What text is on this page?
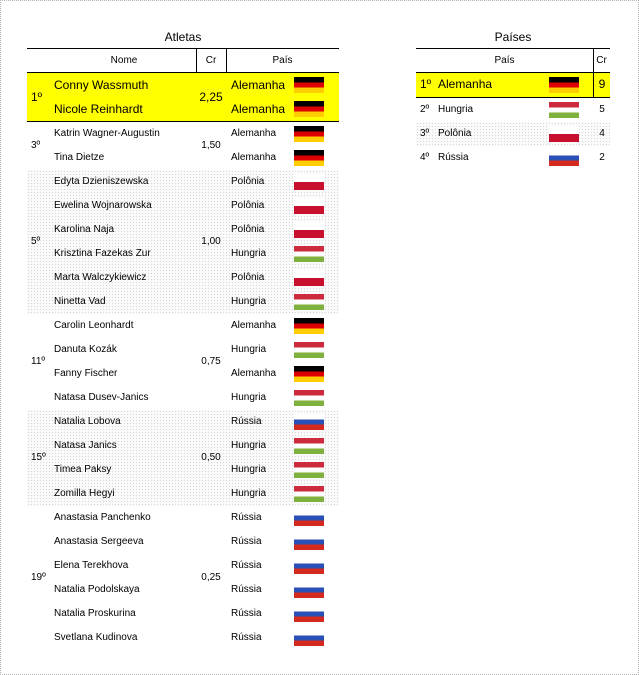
Atletas	Países
Nome	Cr	País
1º	2,25
Conny Wassmuth	Alemanha
Nicole Reinhardt	Alemanha
3º	1,50
Katrin Wagner-Augustin	Alemanha
Tina Dietze	Alemanha
5º	1,00
Edyta Dzieniszewska	Polônia
Ewelina Wojnarowska	Polônia
Karolina Naja	Polônia
Krisztina Fazekas Zur	Hungria
Marta Walczykiewicz	Polônia
Ninetta Vad	Hungria
11º	0,75
Carolin Leonhardt	Alemanha
Danuta Kozák	Hungria
Fanny Fischer	Alemanha
Natasa Dusev-Janics	Hungria
15º	0,50
Natalia Lobova	Rússia
Natasa Janics	Hungria
Timea Paksy	Hungria
Zomilla Hegyi	Hungria
19º	0,25
Anastasia Panchenko	Rússia
Anastasia Sergeeva	Rússia
Elena Terekhova	Rússia
Natalia Podolskaya	Rússia
Natalia Proskurina	Rússia
Svetlana Kudinova	Rússia
País	Cr
1º Alemanha	9
2º Hungria	5
3º Polônia	4
4º Rússia	2
